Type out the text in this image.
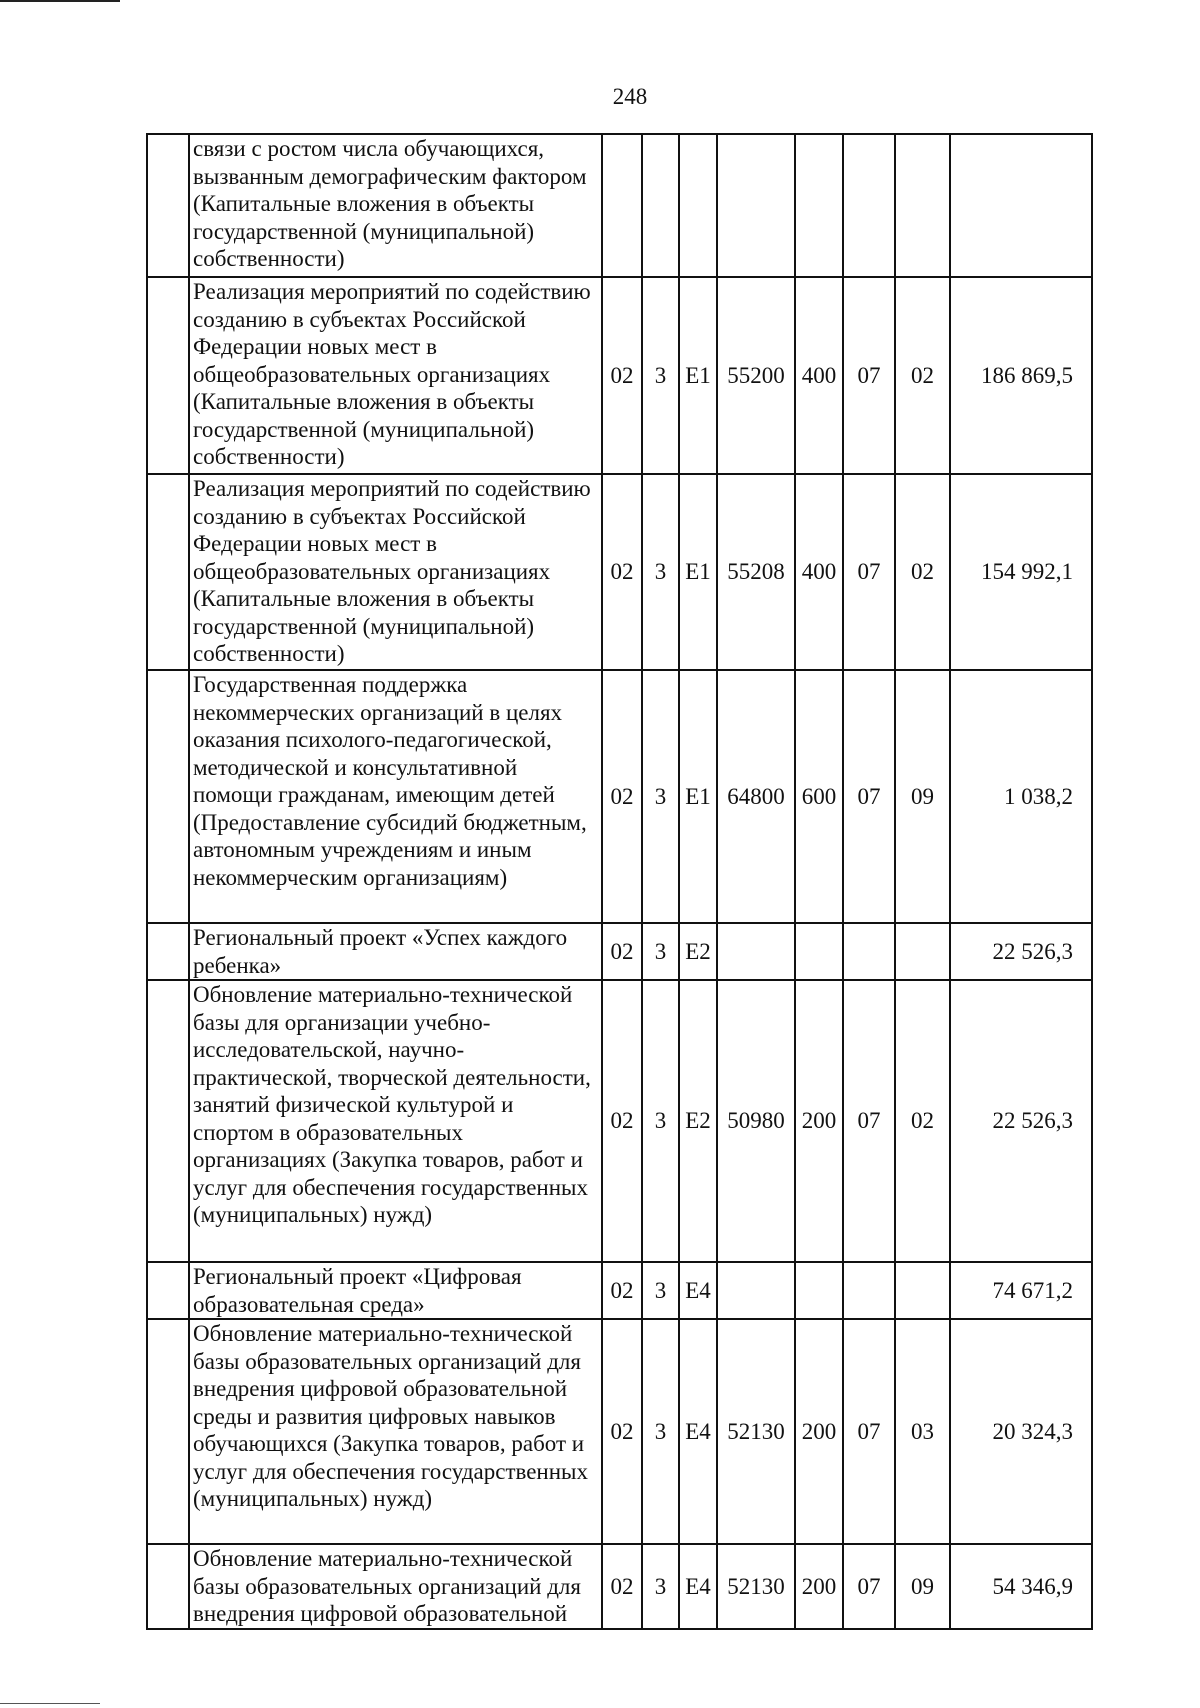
248
	связи с ростом числа обучающихся, вызванным демографическим фактором (Капитальные вложения в объекты государственной (муниципальной) собственности)								
	Реализация мероприятий по содействию созданию в субъектах Российской Федерации новых мест в общеобразовательных организациях (Капитальные вложения в объекты государственной (муниципальной) собственности)	02	3	E1	55200	400	07	02	186 869,5
	Реализация мероприятий по содействию созданию в субъектах Российской Федерации новых мест в общеобразовательных организациях (Капитальные вложения в объекты государственной (муниципальной) собственности)	02	3	E1	55208	400	07	02	154 992,1
	Государственная поддержка некоммерческих организаций в целях оказания психолого-педагогической, методической и консультативной помощи гражданам, имеющим детей (Предоставление субсидий бюджетным, автономным учреждениям и иным некоммерческим организациям)	02	3	E1	64800	600	07	09	1 038,2
	Региональный проект «Успех каждого ребенка»	02	3	E2					22 526,3
	Обновление материально-технической базы для организации учебно-исследовательской, научно-практической, творческой деятельности, занятий физической культурой и спортом в образовательных организациях (Закупка товаров, работ и услуг для обеспечения государственных (муниципальных) нужд)	02	3	E2	50980	200	07	02	22 526,3
	Региональный проект «Цифровая образовательная среда»	02	3	E4					74 671,2
	Обновление материально-технической базы образовательных организаций для внедрения цифровой образовательной среды и развития цифровых навыков обучающихся (Закупка товаров, работ и услуг для обеспечения государственных (муниципальных) нужд)	02	3	E4	52130	200	07	03	20 324,3
	Обновление материально-технической базы образовательных организаций для внедрения цифровой образовательной	02	3	E4	52130	200	07	09	54 346,9
